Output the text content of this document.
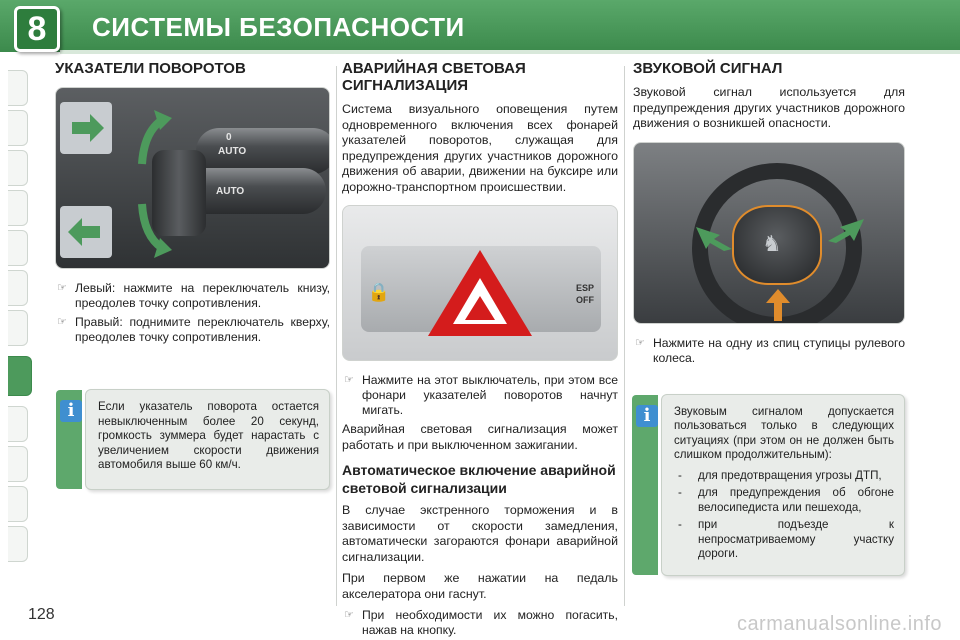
8	СИСТЕМЫ БЕЗОПАСНОСТИ
128
УКАЗАТЕЛИ ПОВОРОТОВ
0
AUTO
AUTO
☞ Левый: нажмите на переключатель книзу, преодолев точку сопротивления.
☞ Правый: поднимите переключатель кверху, преодолев точку сопротивления.
i	Если указатель поворота остается невыключенным более 20 секунд, громкость зуммера будет нарастать с увеличением скорости движения автомобиля выше 60 км/ч.

АВАРИЙНАЯ СВЕТОВАЯ СИГНАЛИЗАЦИЯ

Система визуального оповещения путем одновременного включения всех фонарей указателей поворотов, служащая для предупреждения других участников дорожного движения об аварии, движении на буксире или дорожно-транспортном происшествии.

🔒	ESP
OFF
☞ Нажмите на этот выключатель, при этом все фонари указателей поворотов начнут мигать.

Аварийная световая сигнализация может работать и при выключенном зажигании.

Автоматическое включение аварийной световой сигнализации

В случае экстренного торможения и в зависимости от скорости замедления, автоматически загораются фонари аварийной сигнализации.

При первом же нажатии на педаль акселератора они гаснут.

☞ При необходимости их можно погасить, нажав на кнопку.
ЗВУКОВОЙ СИГНАЛ

Звуковой сигнал используется для предупреждения других участников дорожного движения о возникшей опасности.

♞
☞ Нажмите на одну из спиц ступицы рулевого колеса.
i	Звуковым сигналом допускается пользоваться только в следующих ситуациях (при этом он не должен быть слишком продолжительным):

- для предотвращения угрозы ДТП,
- для предупреждения об обгоне велосипедиста или пешехода,
- при подъезде к непросматриваемому участку дороги.
carmanualsonline.info
